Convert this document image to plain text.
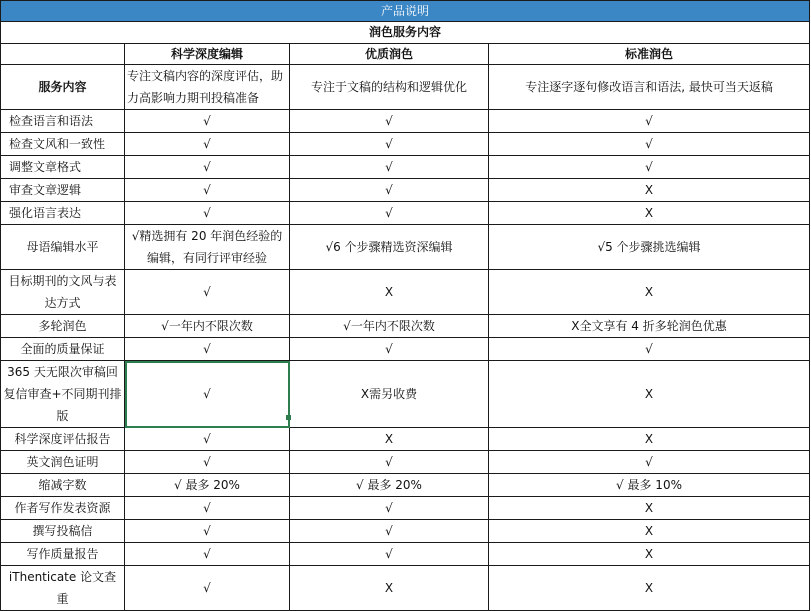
产品说明			
润色服务内容			
	科学深度编辑	优质润色	标准润色
服务内容	专注文稿内容的深度评估，助力高影响力期刊投稿准备	专注于文稿的结构和逻辑优化	专注逐字逐句修改语言和语法, 最快可当天返稿
检查语言和语法	√	√	√
检查文风和一致性	√	√	√
调整文章格式	√	√	√
审查文章逻辑	√	√	X
强化语言表达	√	√	X
母语编辑水平	√精选拥有 20 年润色经验的编辑，有同行评审经验	√6 个步骤精选资深编辑	√5 个步骤挑选编辑
目标期刊的文风与表达方式	√	X	X
多轮润色	√一年内不限次数	√一年内不限次数	X全文享有 4 折多轮润色优惠
全面的质量保证	√	√	√
365 天无限次审稿回复信审查+不同期刊排版	√	X需另收费	X
科学深度评估报告	√	X	X
英文润色证明	√	√	√
缩减字数	√ 最多 20%	√ 最多 20%	√ 最多 10%
作者写作发表资源	√	√	X
撰写投稿信	√	√	X
写作质量报告	√	√	X
iThenticate 论文查重	√	X	X
